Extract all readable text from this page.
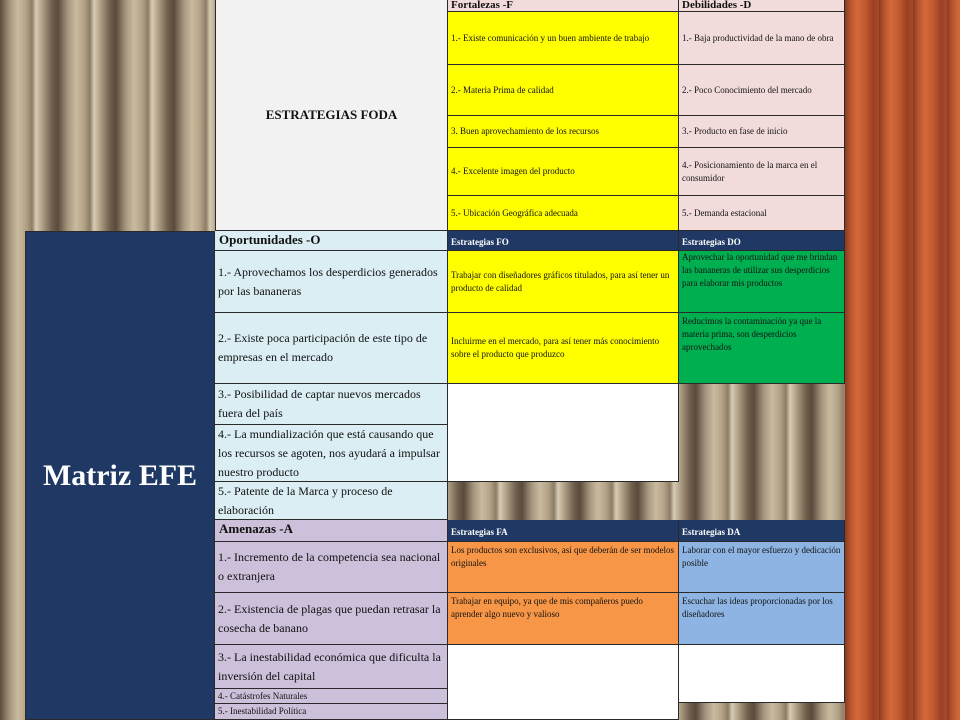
ESTRATEGIAS FODA
Fortalezas -F
1.- Existe comunicación y un buen ambiente de trabajo
2.- Materia Prima de calidad
3. Buen aprovechamiento de los recursos
4.- Excelente imagen del producto
5.- Ubicación Geográfica adecuada
Debilidades -D
1.- Baja productividad de la mano de obra
2.- Poco Conocimiento del mercado
3.- Producto en fase de inicio
4.- Posicionamiento de la marca en el consumidor
5.- Demanda estacional
Matriz EFE
Oportunidades -O
1.- Aprovechamos los desperdicios generados por las bananeras
2.- Existe poca participación de este tipo de empresas en el mercado
3.- Posibilidad de captar nuevos mercados fuera del país
4.- La mundialización que está causando que los recursos se agoten, nos ayudará a impulsar nuestro producto
5.- Patente de la Marca y proceso de elaboración
Estrategias FO
Trabajar con diseñadores gráficos titulados, para así tener un producto de calidad
Incluirme en el mercado, para así tener más conocimiento sobre el producto que produzco
Estrategias DO
Aprovechar la oportunidad que me brindan las bananeras de utilizar sus desperdicios para elaborar mis productos
Reducimos la contaminación ya que la materia prima, son desperdicios aprovechados
Amenazas -A
1.- Incremento de la competencia sea nacional o extranjera
2.- Existencia de plagas que puedan retrasar la cosecha de banano
3.- La inestabilidad económica que dificulta la inversión del capital
4.- Catástrofes Naturales
5.- Inestabilidad Política
Estrategias FA
Los productos son exclusivos, así que deberán de ser modelos originales
Trabajar en equipo, ya que de mis compañeros puedo aprender algo nuevo y valioso
Estrategias DA
Laborar con el mayor esfuerzo y dedicación posible
Escuchar las ideas proporcionadas por los diseñadores
